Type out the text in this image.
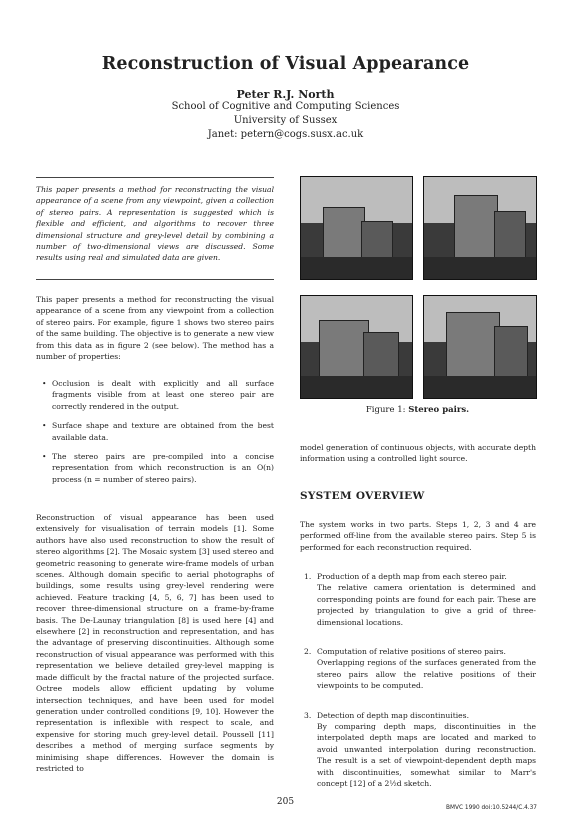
Reconstruction of Visual Appearance
Peter R.J. North
School of Cognitive and Computing Sciences
University of Sussex
Janet: petern@cogs.susx.ac.uk
This paper presents a method for reconstructing the visual appearance of a scene from any viewpoint, given a collection of stereo pairs. A representation is suggested which is flexible and efficient, and algorithms to recover three dimensional structure and grey-level detail by combining a number of two-dimensional views are discussed. Some results using real and simulated data are given.
This paper presents a method for reconstructing the visual appearance of a scene from any viewpoint from a collection of stereo pairs. For example, figure 1 shows two stereo pairs of the same building. The objective is to generate a new view from this data as in figure 2 (see below). The method has a number of properties:
• Occlusion is dealt with explicitly and all surface fragments visible from at least one stereo pair are correctly rendered in the output.
• Surface shape and texture are obtained from the best available data.
• The stereo pairs are pre-compiled into a concise representation from which reconstruction is an O(n) process (n = number of stereo pairs).
Reconstruction of visual appearance has been used extensively for visualisation of terrain models [1]. Some authors have also used reconstruction to show the result of stereo algorithms [2]. The Mosaic system [3] used stereo and geometric reasoning to generate wire-frame models of urban scenes. Although domain specific to aerial photographs of buildings, some results using grey-level rendering were achieved. Feature tracking [4, 5, 6, 7] has been used to recover three-dimensional structure on a frame-by-frame basis. The De-Launay triangulation [8] is used here [4] and elsewhere [2] in reconstruction and representation, and has the advantage of preserving discontinuities. Although some reconstruction of visual appearance was performed with this representation we believe detailed grey-level mapping is made difficult by the fractal nature of the projected surface. Octree models allow efficient updating by volume intersection techniques, and have been used for model generation under controlled conditions [9, 10]. However the representation is inflexible with respect to scale, and expensive for storing much grey-level detail. Poussell [11] describes a method of merging surface segments by minimising shape differences. However the domain is restricted to
Figure 1: Stereo pairs.
model generation of continuous objects, with accurate depth information using a controlled light source.
SYSTEM OVERVIEW
The system works in two parts. Steps 1, 2, 3 and 4 are performed off-line from the available stereo pairs. Step 5 is performed for each reconstruction required.
1. Production of a depth map from each stereo pair.
The relative camera orientation is determined and corresponding points are found for each pair. These are projected by triangulation to give a grid of three-dimensional locations.
2. Computation of relative positions of stereo pairs.
Overlapping regions of the surfaces generated from the stereo pairs allow the relative positions of their viewpoints to be computed.
3. Detection of depth map discontinuities.
By comparing depth maps, discontinuities in the interpolated depth maps are located and marked to avoid unwanted interpolation during reconstruction. The result is a set of viewpoint-dependent depth maps with discontinuities, somewhat similar to Marr's concept [12] of a 2½d sketch.
205
BMVC 1990 doi:10.5244/C.4.37
